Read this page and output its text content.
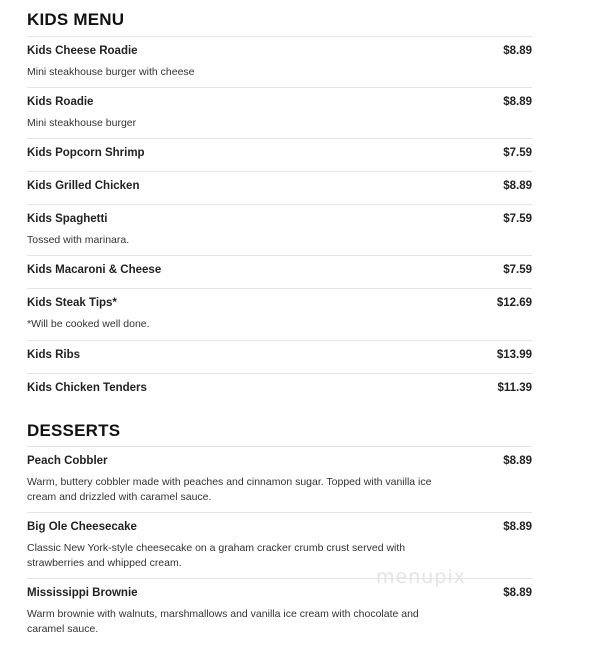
KIDS MENU
Kids Cheese Roadie	$8.89
Mini steakhouse burger with cheese
Kids Roadie	$8.89
Mini steakhouse burger
Kids Popcorn Shrimp	$7.59
Kids Grilled Chicken	$8.89
Kids Spaghetti	$7.59
Tossed with marinara.
Kids Macaroni & Cheese	$7.59
Kids Steak Tips*	$12.69
*Will be cooked well done.
Kids Ribs	$13.99
Kids Chicken Tenders	$11.39
DESSERTS
Peach Cobbler	$8.89
Warm, buttery cobbler made with peaches and cinnamon sugar. Topped with vanilla ice cream and drizzled with caramel sauce.
Big Ole Cheesecake	$8.89
Classic New York-style cheesecake on a graham cracker crumb crust served with strawberries and whipped cream.
Mississippi Brownie	$8.89
Warm brownie with walnuts, marshmallows and vanilla ice cream with chocolate and caramel sauce.
menupix
